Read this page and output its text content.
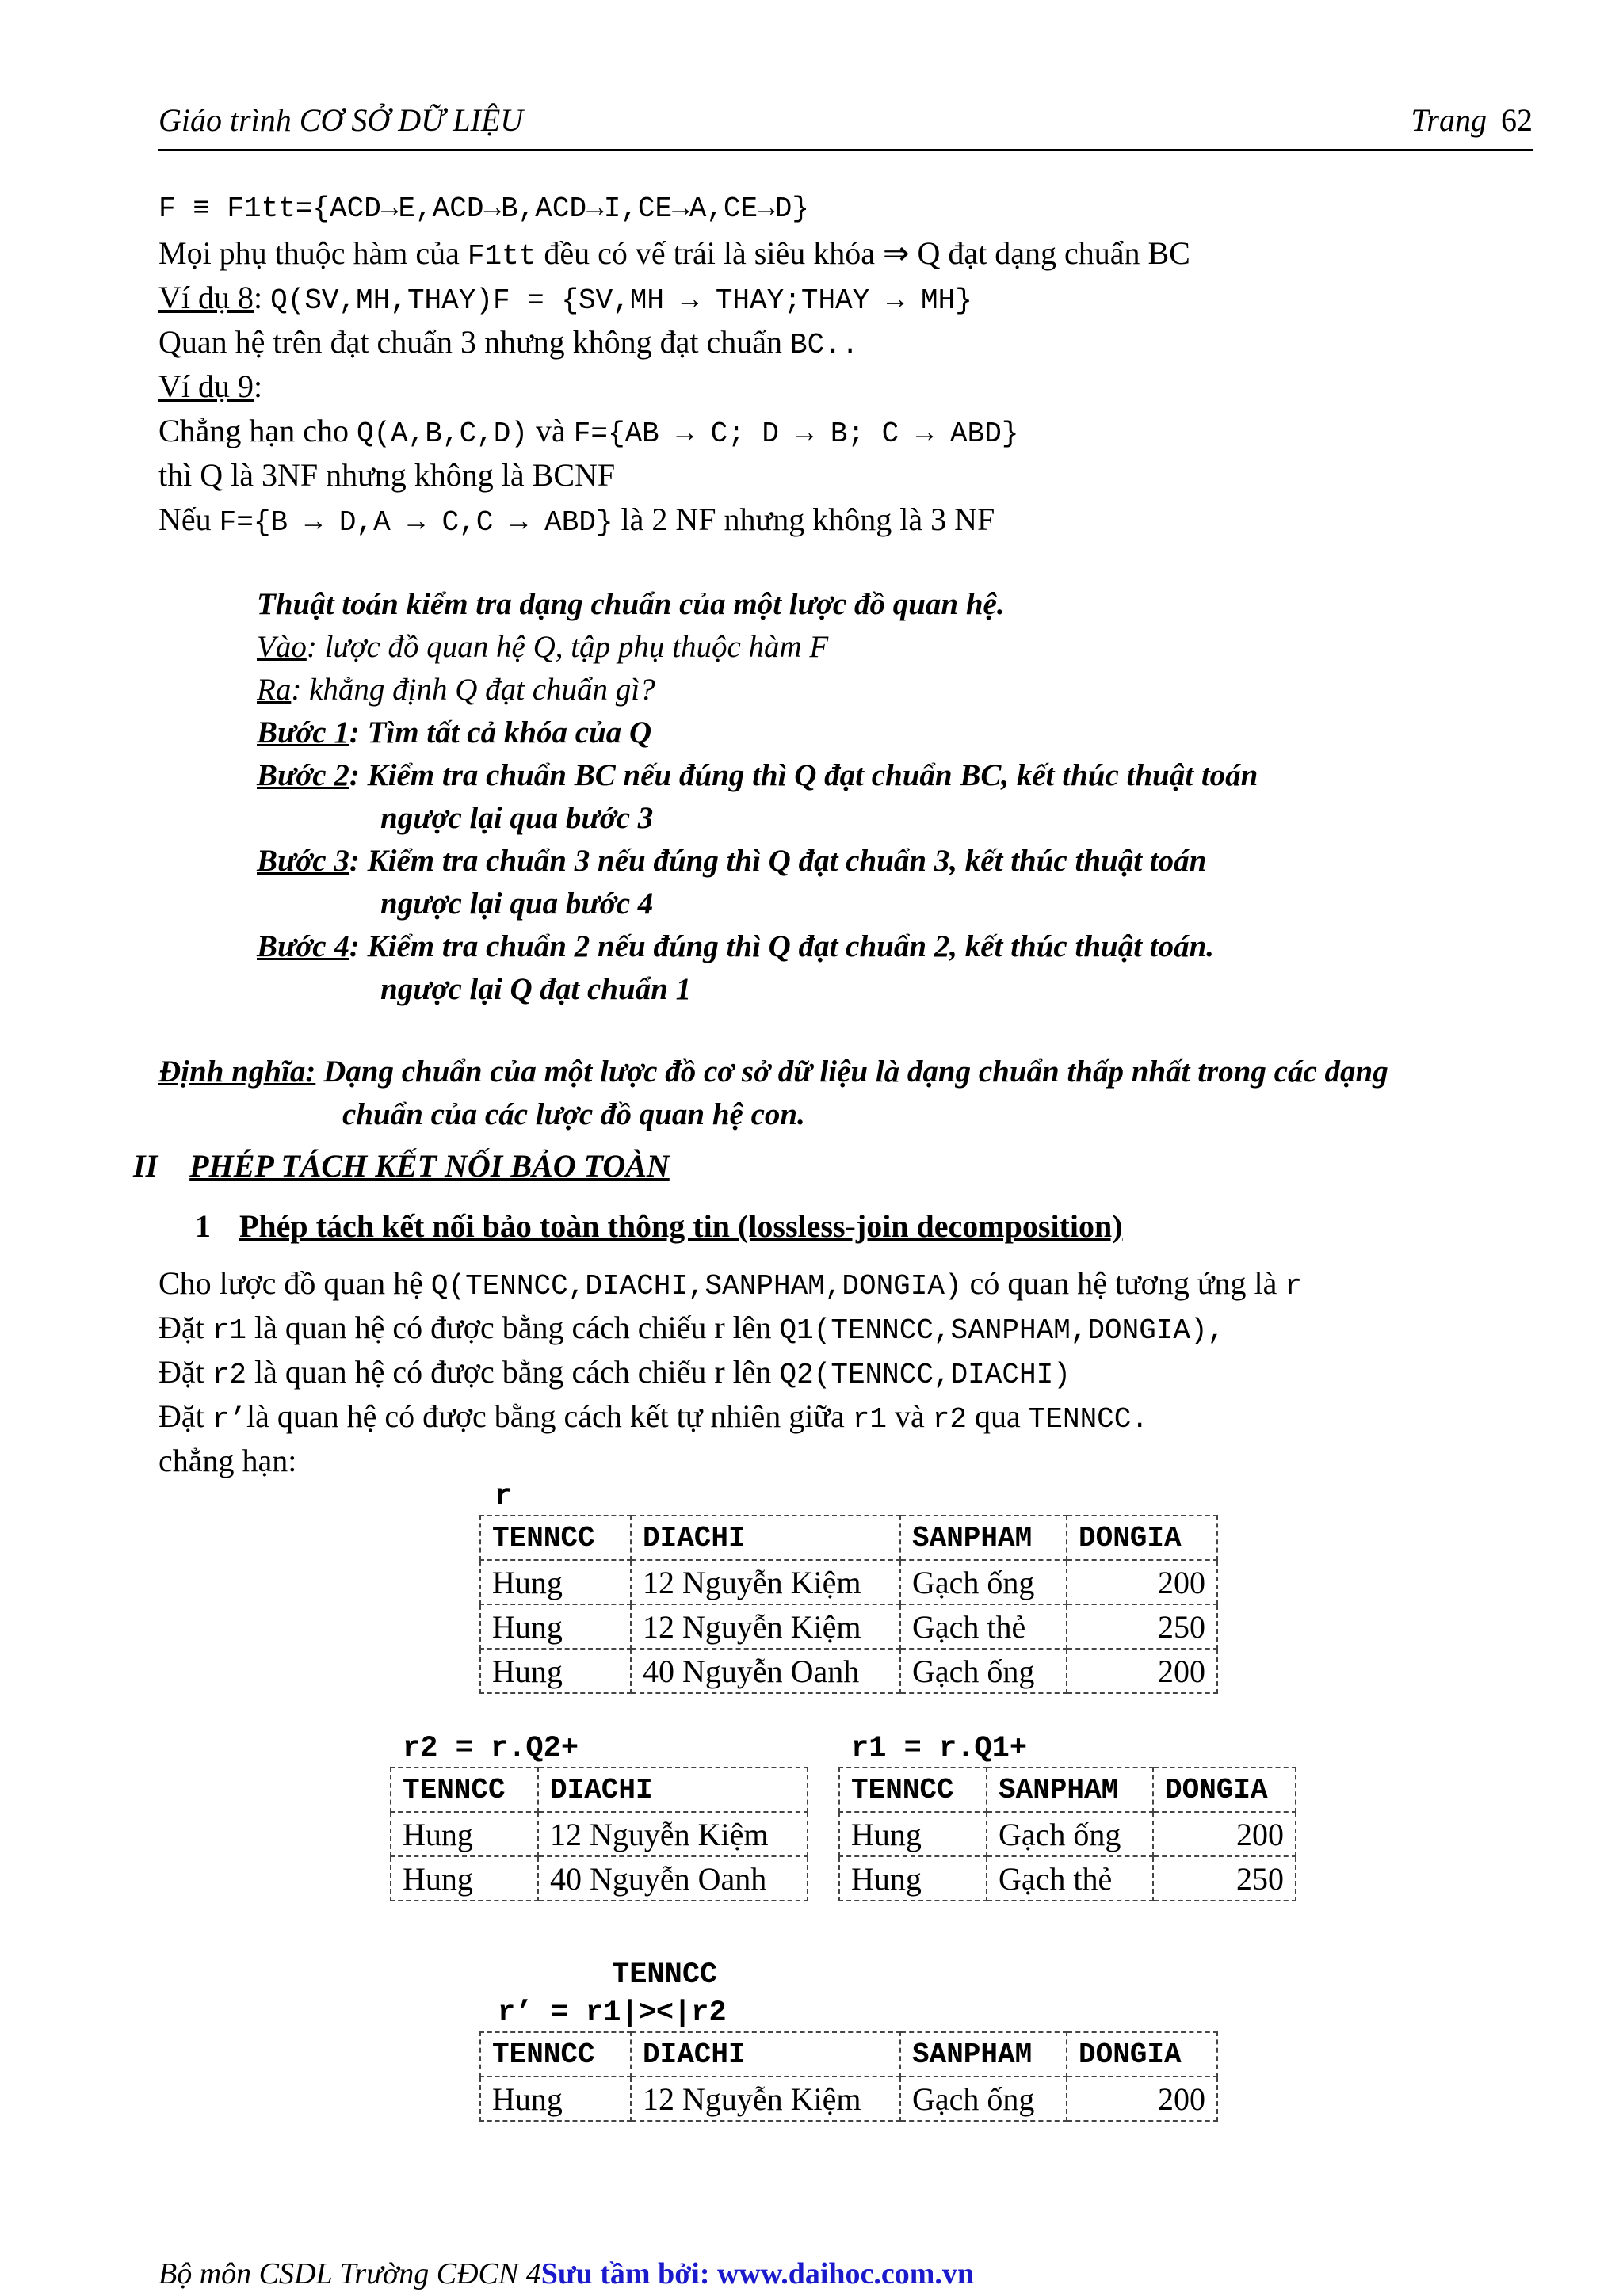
Giáo trình CƠ SỞ DỮ LIỆU	Trang 62
F ≡ F1tt={ACD→E,ACD→B,ACD→I,CE→A,CE→D}
Mọi phụ thuộc hàm của F1tt đều có vế trái là siêu khóa ⇒ Q đạt dạng chuẩn BC
Ví dụ 8: Q(SV,MH,THAY)F = {SV,MH → THAY;THAY → MH}
Quan hệ trên đạt chuẩn 3 nhưng không đạt chuẩn BC..
Ví dụ 9:
Chẳng hạn cho Q(A,B,C,D) và F={AB → C; D → B; C → ABD}
thì Q là 3NF nhưng không là BCNF
Nếu F={B → D,A → C,C → ABD} là 2 NF nhưng không là 3 NF
Thuật toán kiểm tra dạng chuẩn của một lược đồ quan hệ.
Vào: lược đồ quan hệ Q, tập phụ thuộc hàm F
Ra: khẳng định Q đạt chuẩn gì?
Bước 1: Tìm tất cả khóa của Q
Bước 2: Kiểm tra chuẩn BC nếu đúng thì Q đạt chuẩn BC, kết thúc thuật toán
ngược lại qua bước 3
Bước 3: Kiểm tra chuẩn 3 nếu đúng thì Q đạt chuẩn 3, kết thúc thuật toán
ngược lại qua bước 4
Bước 4: Kiểm tra chuẩn 2 nếu đúng thì Q đạt chuẩn 2, kết thúc thuật toán.
ngược lại Q đạt chuẩn 1
Định nghĩa: Dạng chuẩn của một lược đồ cơ sở dữ liệu là dạng chuẩn thấp nhất trong các dạng
chuẩn của các lược đồ quan hệ con.
II PHÉP TÁCH KẾT NỐI BẢO TOÀN
1 Phép tách kết nối bảo toàn thông tin (lossless-join decomposition)
Cho lược đồ quan hệ Q(TENNCC,DIACHI,SANPHAM,DONGIA) có quan hệ tương ứng là r
Đặt r1 là quan hệ có được bằng cách chiếu r lên Q1(TENNCC,SANPHAM,DONGIA),
Đặt r2 là quan hệ có được bằng cách chiếu r lên Q2(TENNCC,DIACHI)
Đặt r’là quan hệ có được bằng cách kết tự nhiên giữa r1 và r2 qua TENNCC.
chẳng hạn:
r
TENNCC	DIACHI	SANPHAM	DONGIA
Hung	12 Nguyễn Kiệm	Gạch ống	200
Hung	12 Nguyễn Kiệm	Gạch thẻ	250
Hung	40 Nguyễn Oanh	Gạch ống	200
r2 = r.Q2+
TENNCC	DIACHI
Hung	12 Nguyễn Kiệm
Hung	40 Nguyễn Oanh
r1 = r.Q1+
TENNCC	SANPHAM	DONGIA
Hung	Gạch ống	200
Hung	Gạch thẻ	250
TENNCC
r’ = r1|><|r2
TENNCC	DIACHI	SANPHAM	DONGIA
Hung	12 Nguyễn Kiệm	Gạch ống	200
Bộ môn CSDL Trường CĐCN 4Sưu tầm bởi: www.daihoc.com.vn
